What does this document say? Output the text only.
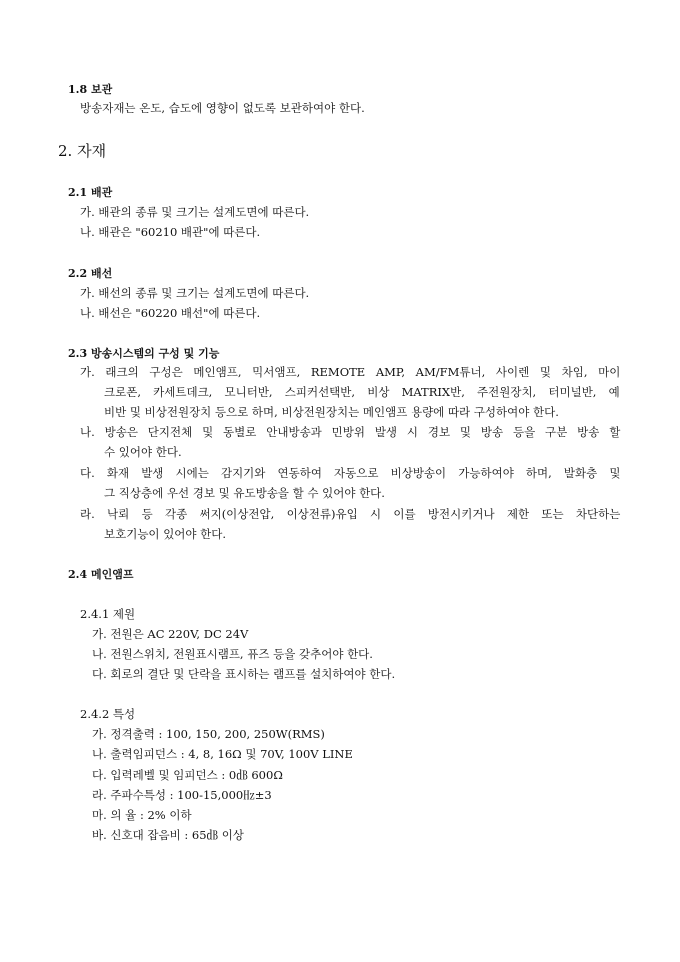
1.8 보관
방송자재는 온도, 습도에 영향이 없도록 보관하여야 한다.
2. 자재
2.1 배관
가. 배관의 종류 및 크기는 설계도면에 따른다.
나. 배관은 "60210 배관"에 따른다.
2.2 배선
가. 배선의 종류 및 크기는 설계도면에 따른다.
나. 배선은 "60220 배선"에 따른다.
2.3 방송시스템의 구성 및 기능
가. 래크의 구성은 메인앰프, 믹서앰프, REMOTE AMP, AM/FM튜너, 사이렌 및 차임, 마이
크로폰, 카세트데크, 모니터반, 스피커선택반, 비상 MATRIX반, 주전원장치, 터미널반, 예
비반 및 비상전원장치 등으로 하며, 비상전원장치는 메인앰프 용량에 따라 구성하여야 한다.
나. 방송은 단지전체 및 동별로 안내방송과 민방위 발생 시 경보 및 방송 등을 구분 방송 할
수 있어야 한다.
다. 화재 발생 시에는 감지기와 연동하여 자동으로 비상방송이 가능하여야 하며, 발화층 및
그 직상층에 우선 경보 및 유도방송을 할 수 있어야 한다.
라. 낙뢰 등 각종 써지(이상전압, 이상전류)유입 시 이를 방전시키거나 제한 또는 차단하는
보호기능이 있어야 한다.
2.4 메인앰프
2.4.1 제원
가. 전원은 AC 220V, DC 24V
나. 전원스위치, 전원표시램프, 퓨즈 등을 갖추어야 한다.
다. 회로의 결단 및 단락을 표시하는 램프를 설치하여야 한다.
2.4.2 특성
가. 정격출력 : 100, 150, 200, 250W(RMS)
나. 출력임피던스 : 4, 8, 16Ω 및 70V, 100V LINE
다. 입력레벨 및 임피던스 : 0㏈ 600Ω
라. 주파수특성 : 100-15,000㎐±3
마. 의 율 : 2% 이하
바. 신호대 잡음비 : 65㏈ 이상
